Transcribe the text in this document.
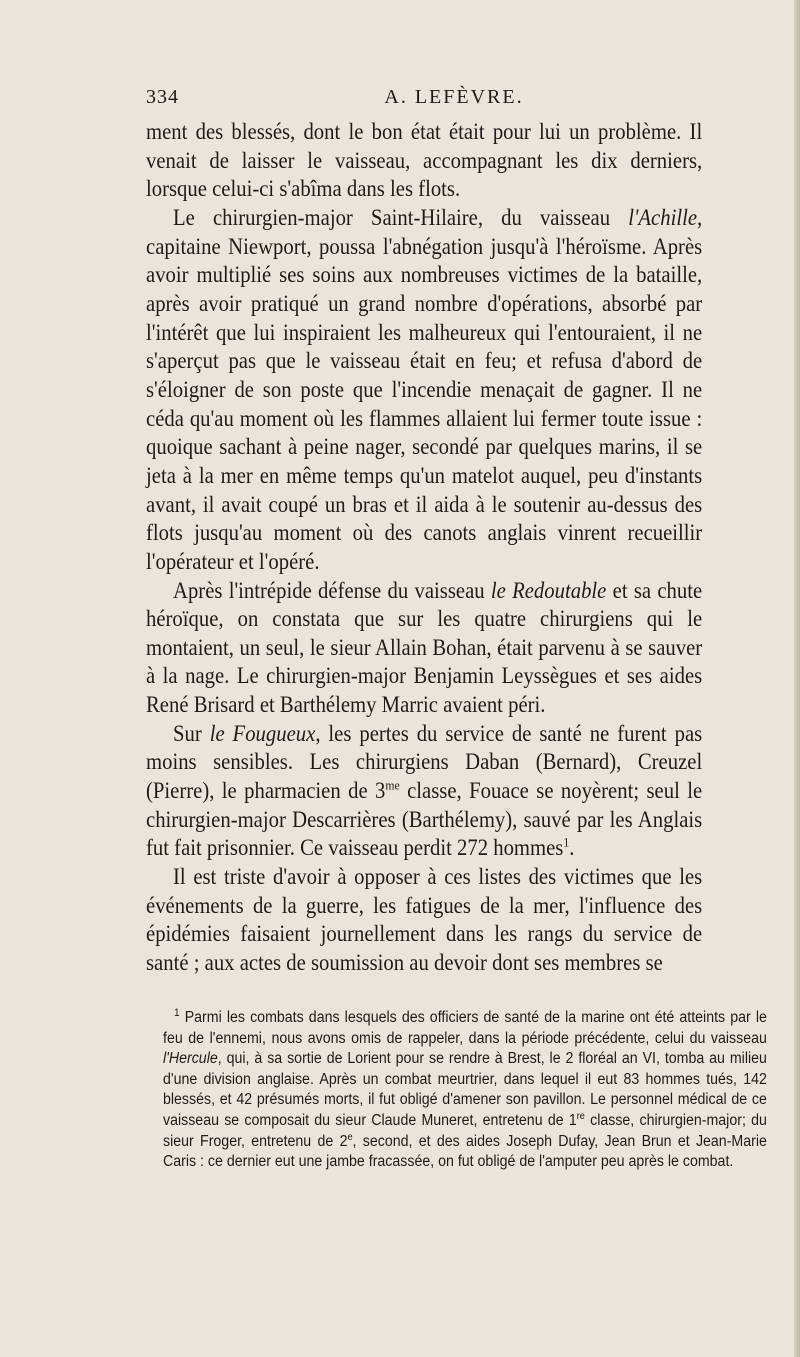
334	A. LEFÈVRE.

ment des blessés, dont le bon état était pour lui un problème. Il venait de laisser le vaisseau, accompagnant les dix derniers, lorsque celui-ci s'abîma dans les flots.

Le chirurgien-major Saint-Hilaire, du vaisseau l'Achille, capitaine Niewport, poussa l'abnégation jusqu'à l'héroïsme. Après avoir multiplié ses soins aux nombreuses victimes de la bataille, après avoir pratiqué un grand nombre d'opérations, absorbé par l'intérêt que lui inspiraient les malheureux qui l'entouraient, il ne s'aperçut pas que le vaisseau était en feu; et refusa d'abord de s'éloigner de son poste que l'incendie menaçait de gagner. Il ne céda qu'au moment où les flammes allaient lui fermer toute issue : quoique sachant à peine nager, secondé par quelques marins, il se jeta à la mer en même temps qu'un matelot auquel, peu d'instants avant, il avait coupé un bras et il aida à le soutenir au-dessus des flots jusqu'au moment où des canots anglais vinrent recueillir l'opérateur et l'opéré.

Après l'intrépide défense du vaisseau le Redoutable et sa chute héroïque, on constata que sur les quatre chirurgiens qui le montaient, un seul, le sieur Allain Bohan, était parvenu à se sauver à la nage. Le chirurgien-major Benjamin Leyssègues et ses aides René Brisard et Barthélemy Marric avaient péri.

Sur le Fougueux, les pertes du service de santé ne furent pas moins sensibles. Les chirurgiens Daban (Bernard), Creuzel (Pierre), le pharmacien de $3^{me}$ classe, Fouace se noyèrent; seul le chirurgien-major Descarrières (Barthélemy), sauvé par les Anglais fut fait prisonnier. Ce vaisseau perdit 272 hommes$^1$.

Il est triste d'avoir à opposer à ces listes des victimes que les événements de la guerre, les fatigues de la mer, l'influence des épidémies faisaient journellement dans les rangs du service de santé ; aux actes de soumission au devoir dont ses membres se

$^1$ Parmi les combats dans lesquels des officiers de santé de la marine ont été atteints par le feu de l'ennemi, nous avons omis de rappeler, dans la période précédente, celui du vaisseau l'Hercule, qui, à sa sortie de Lorient pour se rendre à Brest, le 2 floréal an VI, tomba au milieu d'une division anglaise. Après un combat meurtrier, dans lequel il eut 83 hommes tués, 142 blessés, et 42 présumés morts, il fut obligé d'amener son pavillon. Le personnel médical de ce vaisseau se composait du sieur Claude Muneret, entretenu de 1re classe, chirurgien-major; du sieur Froger, entretenu de 2e, second, et des aides Joseph Dufay, Jean Brun et Jean-Marie Caris : ce dernier eut une jambe fracassée, on fut obligé de l'amputer peu après le combat.
